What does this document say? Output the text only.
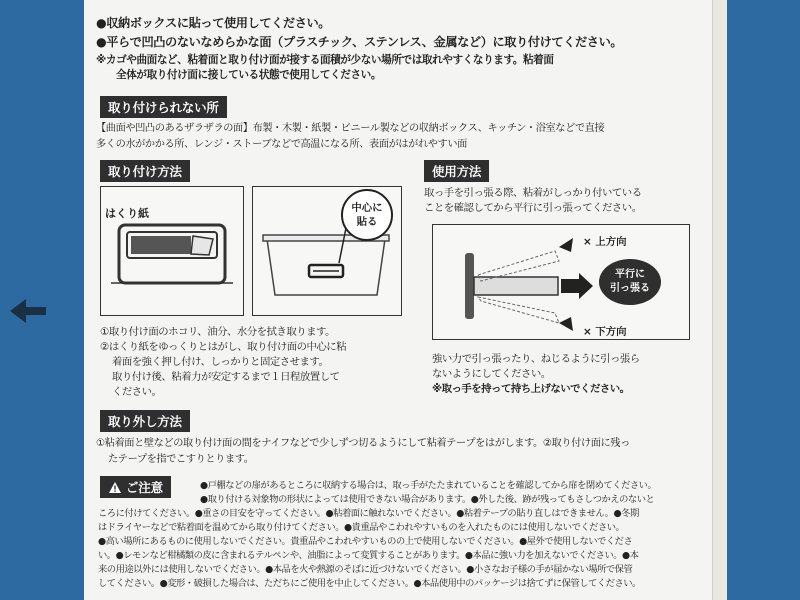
●収納ボックスに貼って使用してください。
●平らで凹凸のないなめらかな面（プラスチック、ステンレス、金属など）に取り付けてください。
※カゴや曲面など、粘着面と取り付け面が接する面積が少ない場所では取れやすくなります。粘着面
全体が取り付け面に接している状態で使用してください。
取り付けられない所
【曲面や凹凸のあるザラザラの面】布製・木製・紙製・ビニール製などの収納ボックス、キッチン・浴室などで直接
多くの水がかかる所、レンジ・ストーブなどで高温になる所、表面がはがれやすい面
取り付け方法
はくり紙	中心に
貼る
①取り付け面のホコリ、油分、水分を拭き取ります。
②はくり紙をゆっくりとはがし、取り付け面の中心に粘
着面を強く押し付け、しっかりと固定させます。
取り付け後、粘着力が安定するまで１日程放置して
ください。
使用方法
取っ手を引っ張る際、粘着がしっかり付いている
ことを確認してから平行に引っ張ってください。
× 上方向
× 下方向
平行に
引っ張る
強い力で引っ張ったり、ねじるように引っ張ら
ないようにしてください。
※取っ手を持って持ち上げないでください。
取り外し方法
①粘着面と壁などの取り付け面の間をナイフなどで少しずつ切るようにして粘着テープをはがします。②取り付け面に残っ
たテープを指でこすりとります。
ご注意	●戸棚などの扉があるところに収納する場合は、取っ手がたたまれていることを確認してから扉を閉めてください。
●取り付ける対象物の形状によっては使用できない場合があります。●外した後、跡が残ってもさしつかえのないと
ころに付けてください。●重さの目安を守ってください。●粘着面に触れないでください。●粘着テープの貼り直しはできません。●冬期
はドライヤーなどで粘着面を温めてから取り付けてください。●貴重品やこわれやすいものを入れたものには使用しないでください。
●高い場所にあるものに使用しないでください。貴重品やこわれやすいものの上で使用しないでください。●屋外で使用しないでくださ
い。●レモンなど柑橘類の皮に含まれるテルペンや、油脂によって変質することがあります。●本品に強い力を加えないでください。●本
来の用途以外には使用しないでください。●本品を火や熱源のそばに近づけないでください。●小さなお子様の手が届かない場所で保管
してください。●変形・破損した場合は、ただちにご使用を中止してください。●本品使用中のパッケージは捨てずに保管してください。
